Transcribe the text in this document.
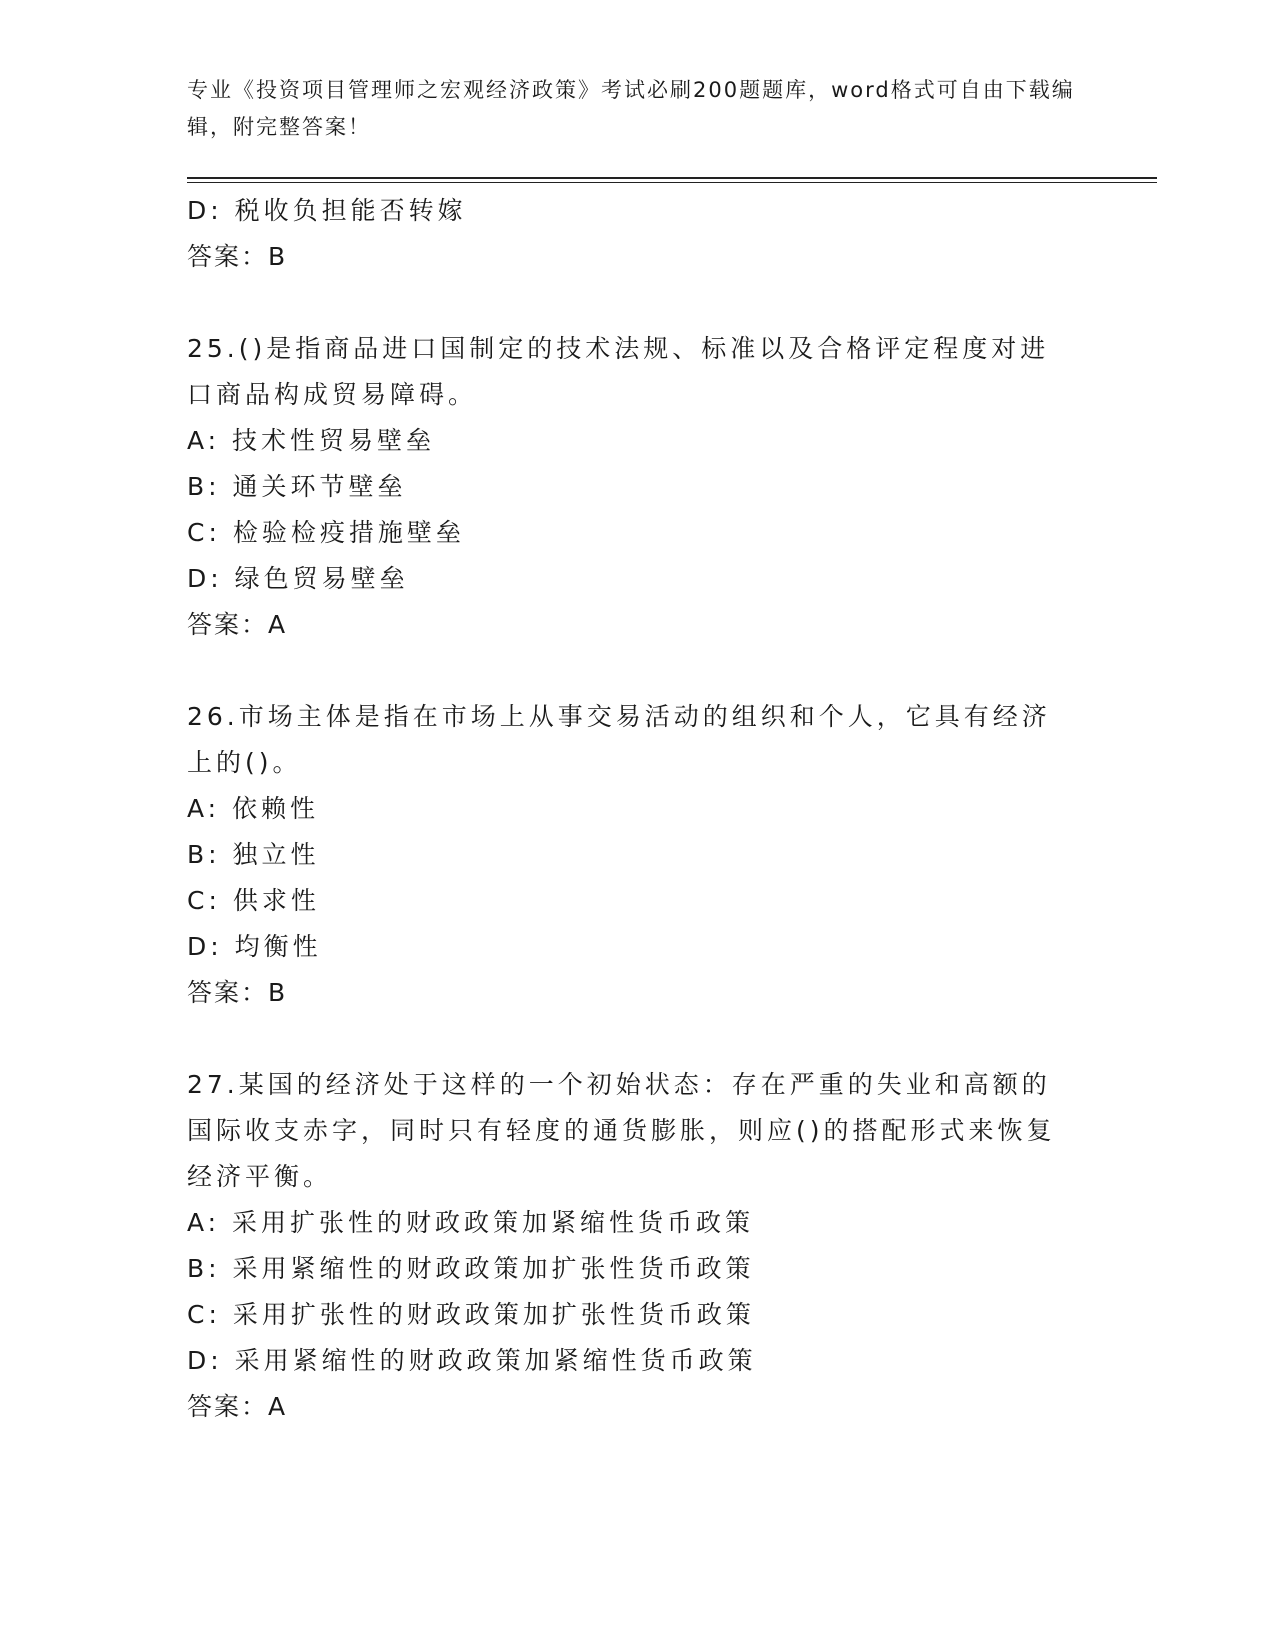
专业《投资项目管理师之宏观经济政策》考试必刷200题题库，word格式可自由下载编辑，附完整答案！
D: 税收负担能否转嫁
答案：B
25.()是指商品进口国制定的技术法规、标准以及合格评定程度对进口商品构成贸易障碍。
A: 技术性贸易壁垒
B: 通关环节壁垒
C: 检验检疫措施壁垒
D: 绿色贸易壁垒
答案：A
26.市场主体是指在市场上从事交易活动的组织和个人，它具有经济上的()。
A: 依赖性
B: 独立性
C: 供求性
D: 均衡性
答案：B
27.某国的经济处于这样的一个初始状态：存在严重的失业和高额的国际收支赤字，同时只有轻度的通货膨胀，则应()的搭配形式来恢复经济平衡。
A: 采用扩张性的财政政策加紧缩性货币政策
B: 采用紧缩性的财政政策加扩张性货币政策
C: 采用扩张性的财政政策加扩张性货币政策
D: 采用紧缩性的财政政策加紧缩性货币政策
答案：A
